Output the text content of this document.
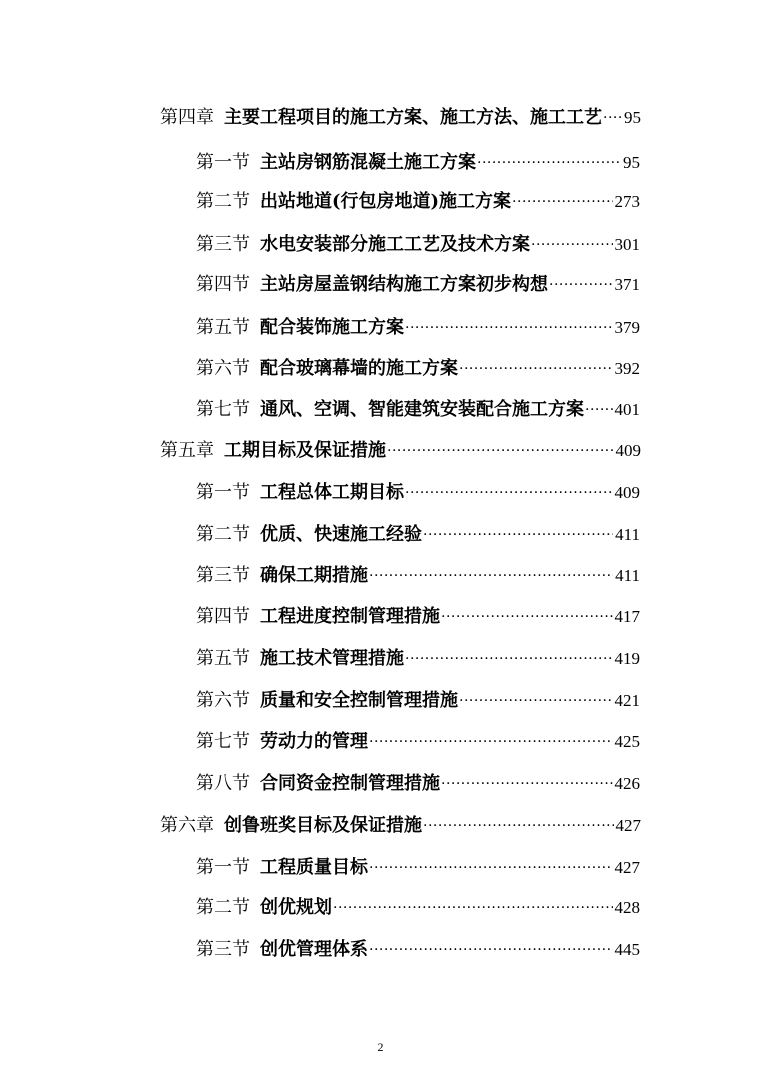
第四章 主要工程项目的施工方案、施工方法、施工工艺 ..... 95
第一节 主站房钢筋混凝土施工方案 .....	95
第二节 出站地道(行包房地道)施工方案 .....	273
第三节 水电安装部分施工工艺及技术方案 .....	301
第四节 主站房屋盖钢结构施工方案初步构想 .....	371
第五节 配合装饰施工方案 .....	379
第六节 配合玻璃幕墙的施工方案 .....	392
第七节 通风、空调、智能建筑安装配合施工方案 ..... 401
第五章 工期目标及保证措施 .....	409
第一节 工程总体工期目标 .....	409
第二节 优质、快速施工经验 .....	411
第三节 确保工期措施 .....	411
第四节 工程进度控制管理措施 .....	417
第五节 施工技术管理措施 .....	419
第六节 质量和安全控制管理措施 .....	421
第七节 劳动力的管理 .....	425
第八节 合同资金控制管理措施 .....	426
第六章 创鲁班奖目标及保证措施 .....	427
第一节 工程质量目标 .....	427
第二节 创优规划 .....	428
第三节 创优管理体系 .....	445
2
